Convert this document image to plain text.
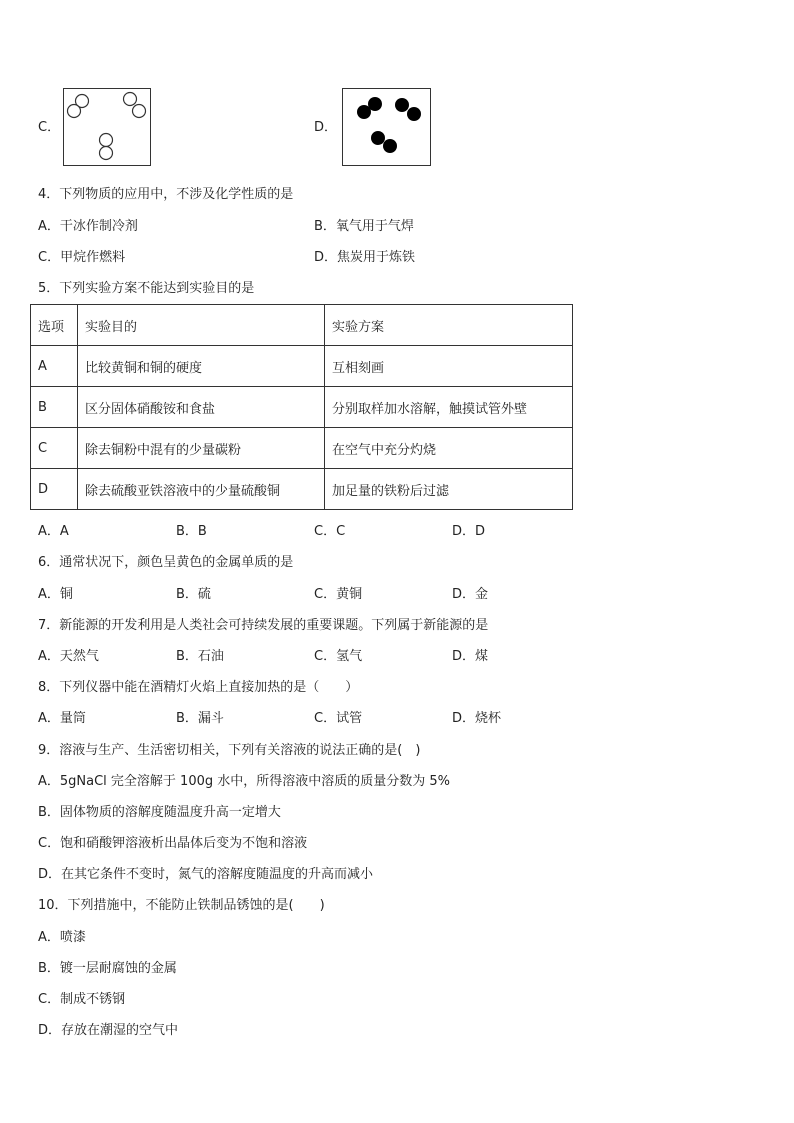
C．	D．
4．下列物质的应用中，不涉及化学性质的是
A．干冰作制冷剂	B．氧气用于气焊
C．甲烷作燃料	D．焦炭用于炼铁
5．下列实验方案不能达到实验目的是
选项	实验目的	实验方案
A	比较黄铜和铜的硬度	互相刻画
B	区分固体硝酸铵和食盐	分别取样加水溶解，触摸试管外壁
C	除去铜粉中混有的少量碳粉	在空气中充分灼烧
D	除去硫酸亚铁溶液中的少量硫酸铜	加足量的铁粉后过滤
A．A	B．B	C．C	D．D
6．通常状况下，颜色呈黄色的金属单质的是
A．铜	B．硫	C．黄铜	D．金
7．新能源的开发利用是人类社会可持续发展的重要课题。下列属于新能源的是
A．天然气	B．石油	C．氢气	D．煤
8．下列仪器中能在酒精灯火焰上直接加热的是（　　）
A．量筒	B．漏斗	C．试管	D．烧杯
9．溶液与生产、生活密切相关，下列有关溶液的说法正确的是(　)
A．5gNaCl 完全溶解于 100g 水中，所得溶液中溶质的质量分数为 5%
B．固体物质的溶解度随温度升高一定增大
C．饱和硝酸钾溶液析出晶体后变为不饱和溶液
D．在其它条件不变时，氮气的溶解度随温度的升高而减小
10．下列措施中，不能防止铁制品锈蚀的是(　　)
A．喷漆
B．镀一层耐腐蚀的金属
C．制成不锈钢
D．存放在潮湿的空气中
